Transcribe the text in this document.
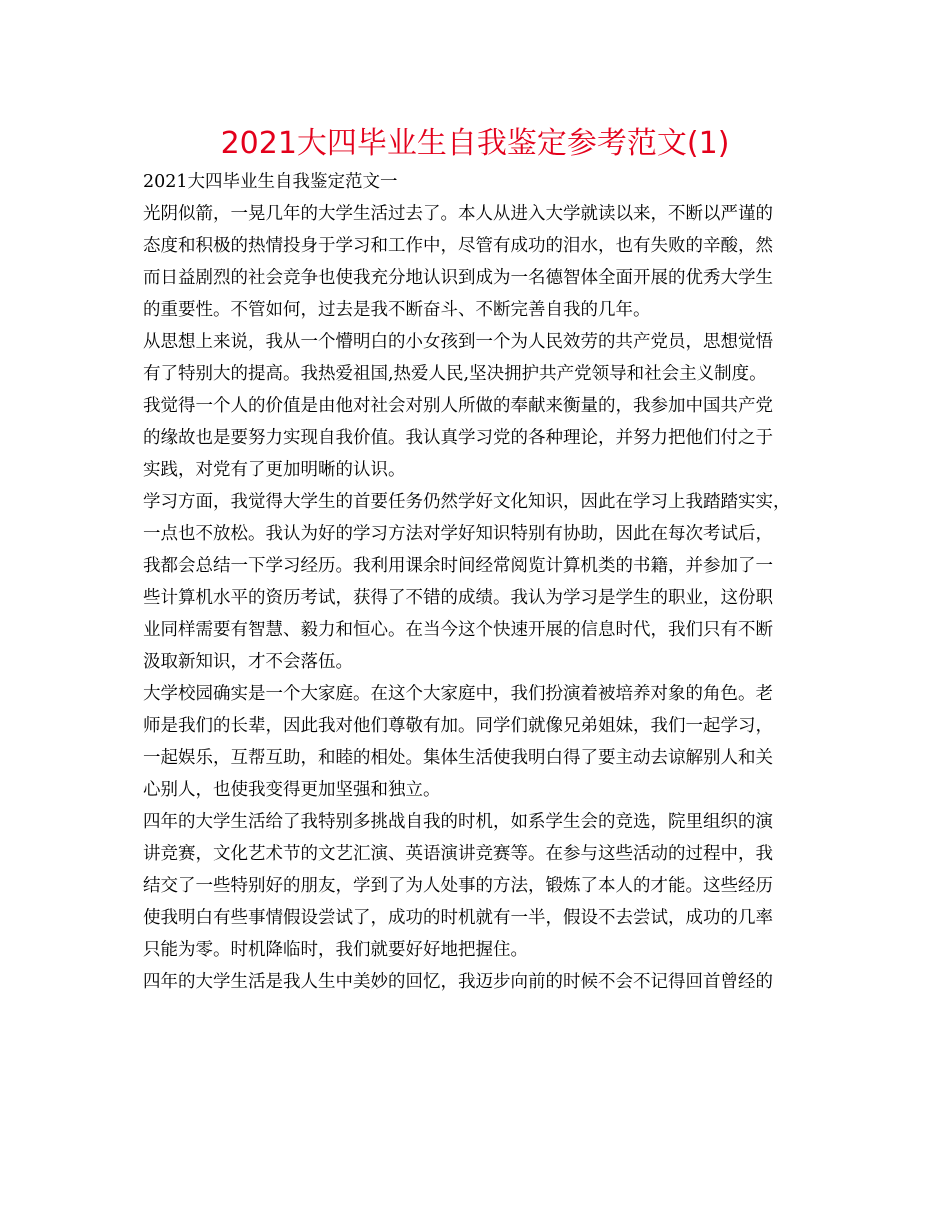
2021大四毕业生自我鉴定参考范文(1)

2021大四毕业生自我鉴定范文一

光阴似箭，一晃几年的大学生活过去了。本人从进入大学就读以来，不断以严谨的

态度和积极的热情投身于学习和工作中，尽管有成功的泪水，也有失败的辛酸，然

而日益剧烈的社会竞争也使我充分地认识到成为一名德智体全面开展的优秀大学生

的重要性。不管如何，过去是我不断奋斗、不断完善自我的几年。

从思想上来说，我从一个懵明白的小女孩到一个为人民效劳的共产党员，思想觉悟

有了特别大的提高。我热爱祖国,热爱人民,坚决拥护共产党领导和社会主义制度。

我觉得一个人的价值是由他对社会对别人所做的奉献来衡量的，我参加中国共产党

的缘故也是要努力实现自我价值。我认真学习党的各种理论，并努力把他们付之于

实践，对党有了更加明晰的认识。

学习方面，我觉得大学生的首要任务仍然学好文化知识，因此在学习上我踏踏实实，

一点也不放松。我认为好的学习方法对学好知识特别有协助，因此在每次考试后，

我都会总结一下学习经历。我利用课余时间经常阅览计算机类的书籍，并参加了一

些计算机水平的资历考试，获得了不错的成绩。我认为学习是学生的职业，这份职

业同样需要有智慧、毅力和恒心。在当今这个快速开展的信息时代，我们只有不断

汲取新知识，才不会落伍。

大学校园确实是一个大家庭。在这个大家庭中，我们扮演着被培养对象的角色。老

师是我们的长辈，因此我对他们尊敬有加。同学们就像兄弟姐妹，我们一起学习，

一起娱乐，互帮互助，和睦的相处。集体生活使我明白得了要主动去谅解别人和关

心别人，也使我变得更加坚强和独立。

四年的大学生活给了我特别多挑战自我的时机，如系学生会的竞选，院里组织的演

讲竞赛，文化艺术节的文艺汇演、英语演讲竞赛等。在参与这些活动的过程中，我

结交了一些特别好的朋友，学到了为人处事的方法，锻炼了本人的才能。这些经历

使我明白有些事情假设尝试了，成功的时机就有一半，假设不去尝试，成功的几率

只能为零。时机降临时，我们就要好好地把握住。

四年的大学生活是我人生中美妙的回忆，我迈步向前的时候不会不记得回首曾经的
